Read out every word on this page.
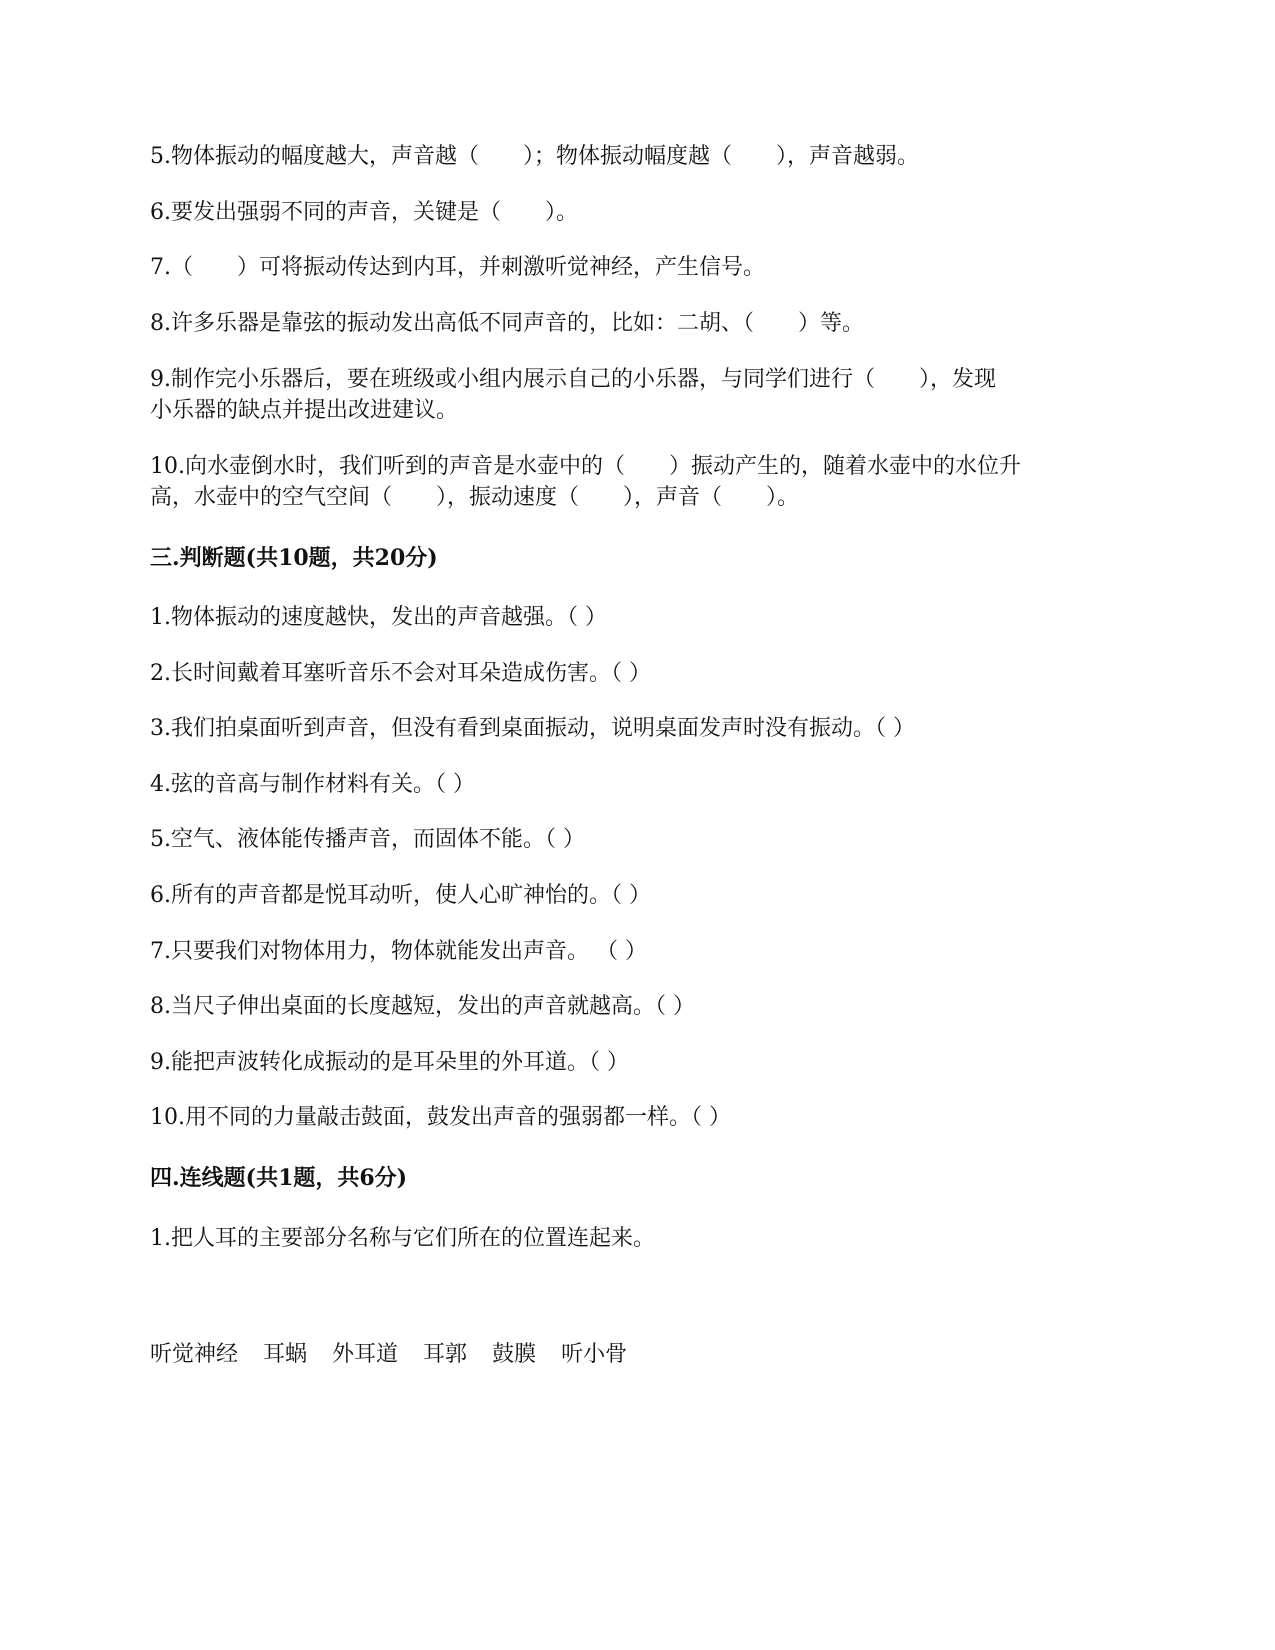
5.物体振动的幅度越大，声音越（　　）；物体振动幅度越（　　），声音越弱。
6.要发出强弱不同的声音，关键是（　　）。
7.（　　）可将振动传达到内耳，并刺激听觉神经，产生信号。
8.许多乐器是靠弦的振动发出高低不同声音的，比如：二胡、（　　）等。
9.制作完小乐器后，要在班级或小组内展示自己的小乐器，与同学们进行（　　），发现
小乐器的缺点并提出改进建议。
10.向水壶倒水时，我们听到的声音是水壶中的（　　）振动产生的，随着水壶中的水位升
高，水壶中的空气空间（　　），振动速度（　　），声音（　　）。
三.判断题(共10题，共20分)
1.物体振动的速度越快，发出的声音越强。（ ）
2.长时间戴着耳塞听音乐不会对耳朵造成伤害。（ ）
3.我们拍桌面听到声音，但没有看到桌面振动，说明桌面发声时没有振动。（ ）
4.弦的音高与制作材料有关。（ ）
5.空气、液体能传播声音，而固体不能。（ ）
6.所有的声音都是悦耳动听，使人心旷神怡的。（ ）
7.只要我们对物体用力，物体就能发出声音。 （ ）
8.当尺子伸出桌面的长度越短，发出的声音就越高。（ ）
9.能把声波转化成振动的是耳朵里的外耳道。（ ）
10.用不同的力量敲击鼓面，鼓发出声音的强弱都一样。（ ）
四.连线题(共1题，共6分)
1.把人耳的主要部分名称与它们所在的位置连起来。
听觉神经 耳蜗 外耳道 耳郭 鼓膜 听小骨
